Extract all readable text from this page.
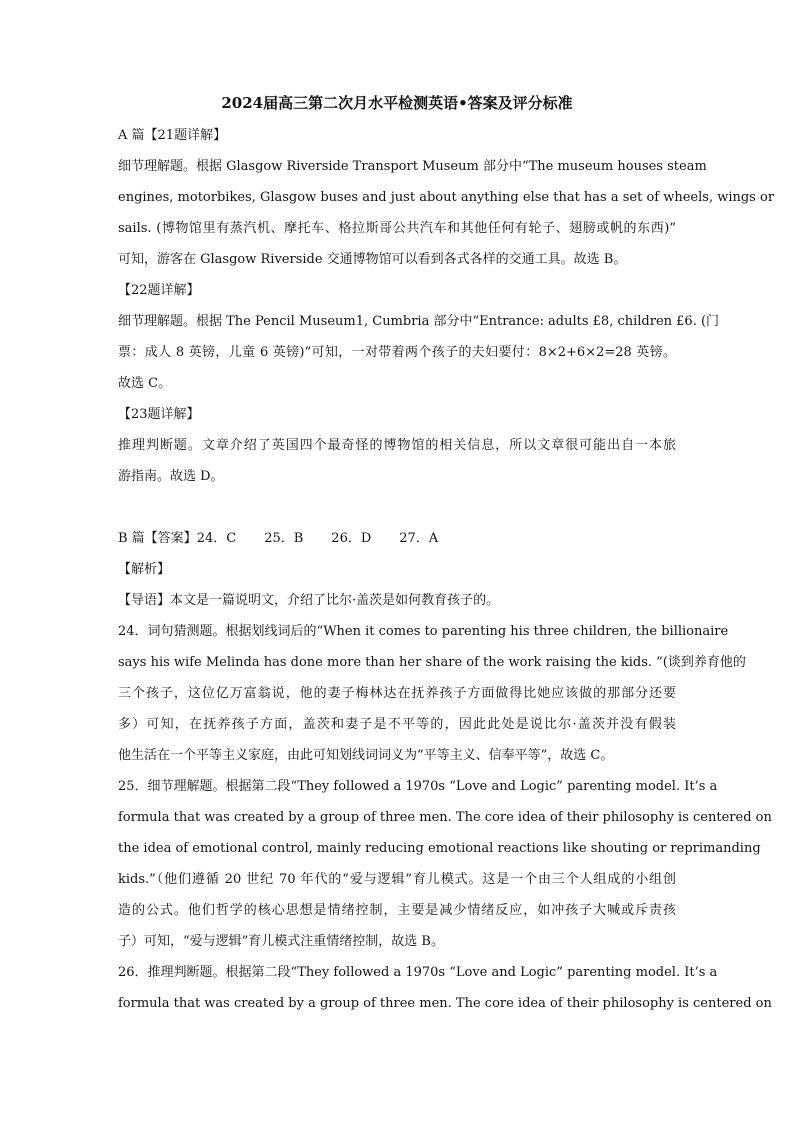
2024届高三第二次月水平检测英语•答案及评分标准
A 篇【21题详解】
细节理解题。根据 Glasgow Riverside Transport Museum 部分中“The museum houses steam
engines, motorbikes, Glasgow buses and just about anything else that has a set of wheels, wings or
sails. (博物馆里有蒸汽机、摩托车、格拉斯哥公共汽车和其他任何有轮子、翅膀或帆的东西)”
可知，游客在 Glasgow Riverside 交通博物馆可以看到各式各样的交通工具。故选 B。
【22题详解】
细节理解题。根据 The Pencil Museum1, Cumbria 部分中“Entrance: adults £8, children £6. (门
票：成人 8 英镑，儿童 6 英镑)”可知，一对带着两个孩子的夫妇要付：8×2+6×2=28 英镑。
故选 C。
【23题详解】
推理判断题。文章介绍了英国四个最奇怪的博物馆的相关信息，所以文章很可能出自一本旅
游指南。故选 D。
B 篇【答案】24．C 25．B 26．D 27．A
【解析】
【导语】本文是一篇说明文，介绍了比尔·盖茨是如何教育孩子的。
24．词句猜测题。根据划线词后的“When it comes to parenting his three children, the billionaire
says his wife Melinda has done more than her share of the work raising the kids. ”(谈到养育他的
三个孩子，这位亿万富翁说，他的妻子梅林达在抚养孩子方面做得比她应该做的那部分还要
多）可知，在抚养孩子方面，盖茨和妻子是不平等的，因此此处是说比尔·盖茨并没有假装
他生活在一个平等主义家庭，由此可知划线词词义为“平等主义、信奉平等”，故选 C。
25．细节理解题。根据第二段“They followed a 1970s “Love and Logic” parenting model. It’s a
formula that was created by a group of three men. The core idea of their philosophy is centered on
the idea of emotional control, mainly reducing emotional reactions like shouting or reprimanding
kids.”（他们遵循 20 世纪 70 年代的“爱与逻辑”育儿模式。这是一个由三个人组成的小组创
造的公式。他们哲学的核心思想是情绪控制，主要是减少情绪反应，如冲孩子大喊或斥责孩
子）可知，“爱与逻辑”育儿模式注重情绪控制，故选 B。
26．推理判断题。根据第二段“They followed a 1970s “Love and Logic” parenting model. It’s a
formula that was created by a group of three men. The core idea of their philosophy is centered on
